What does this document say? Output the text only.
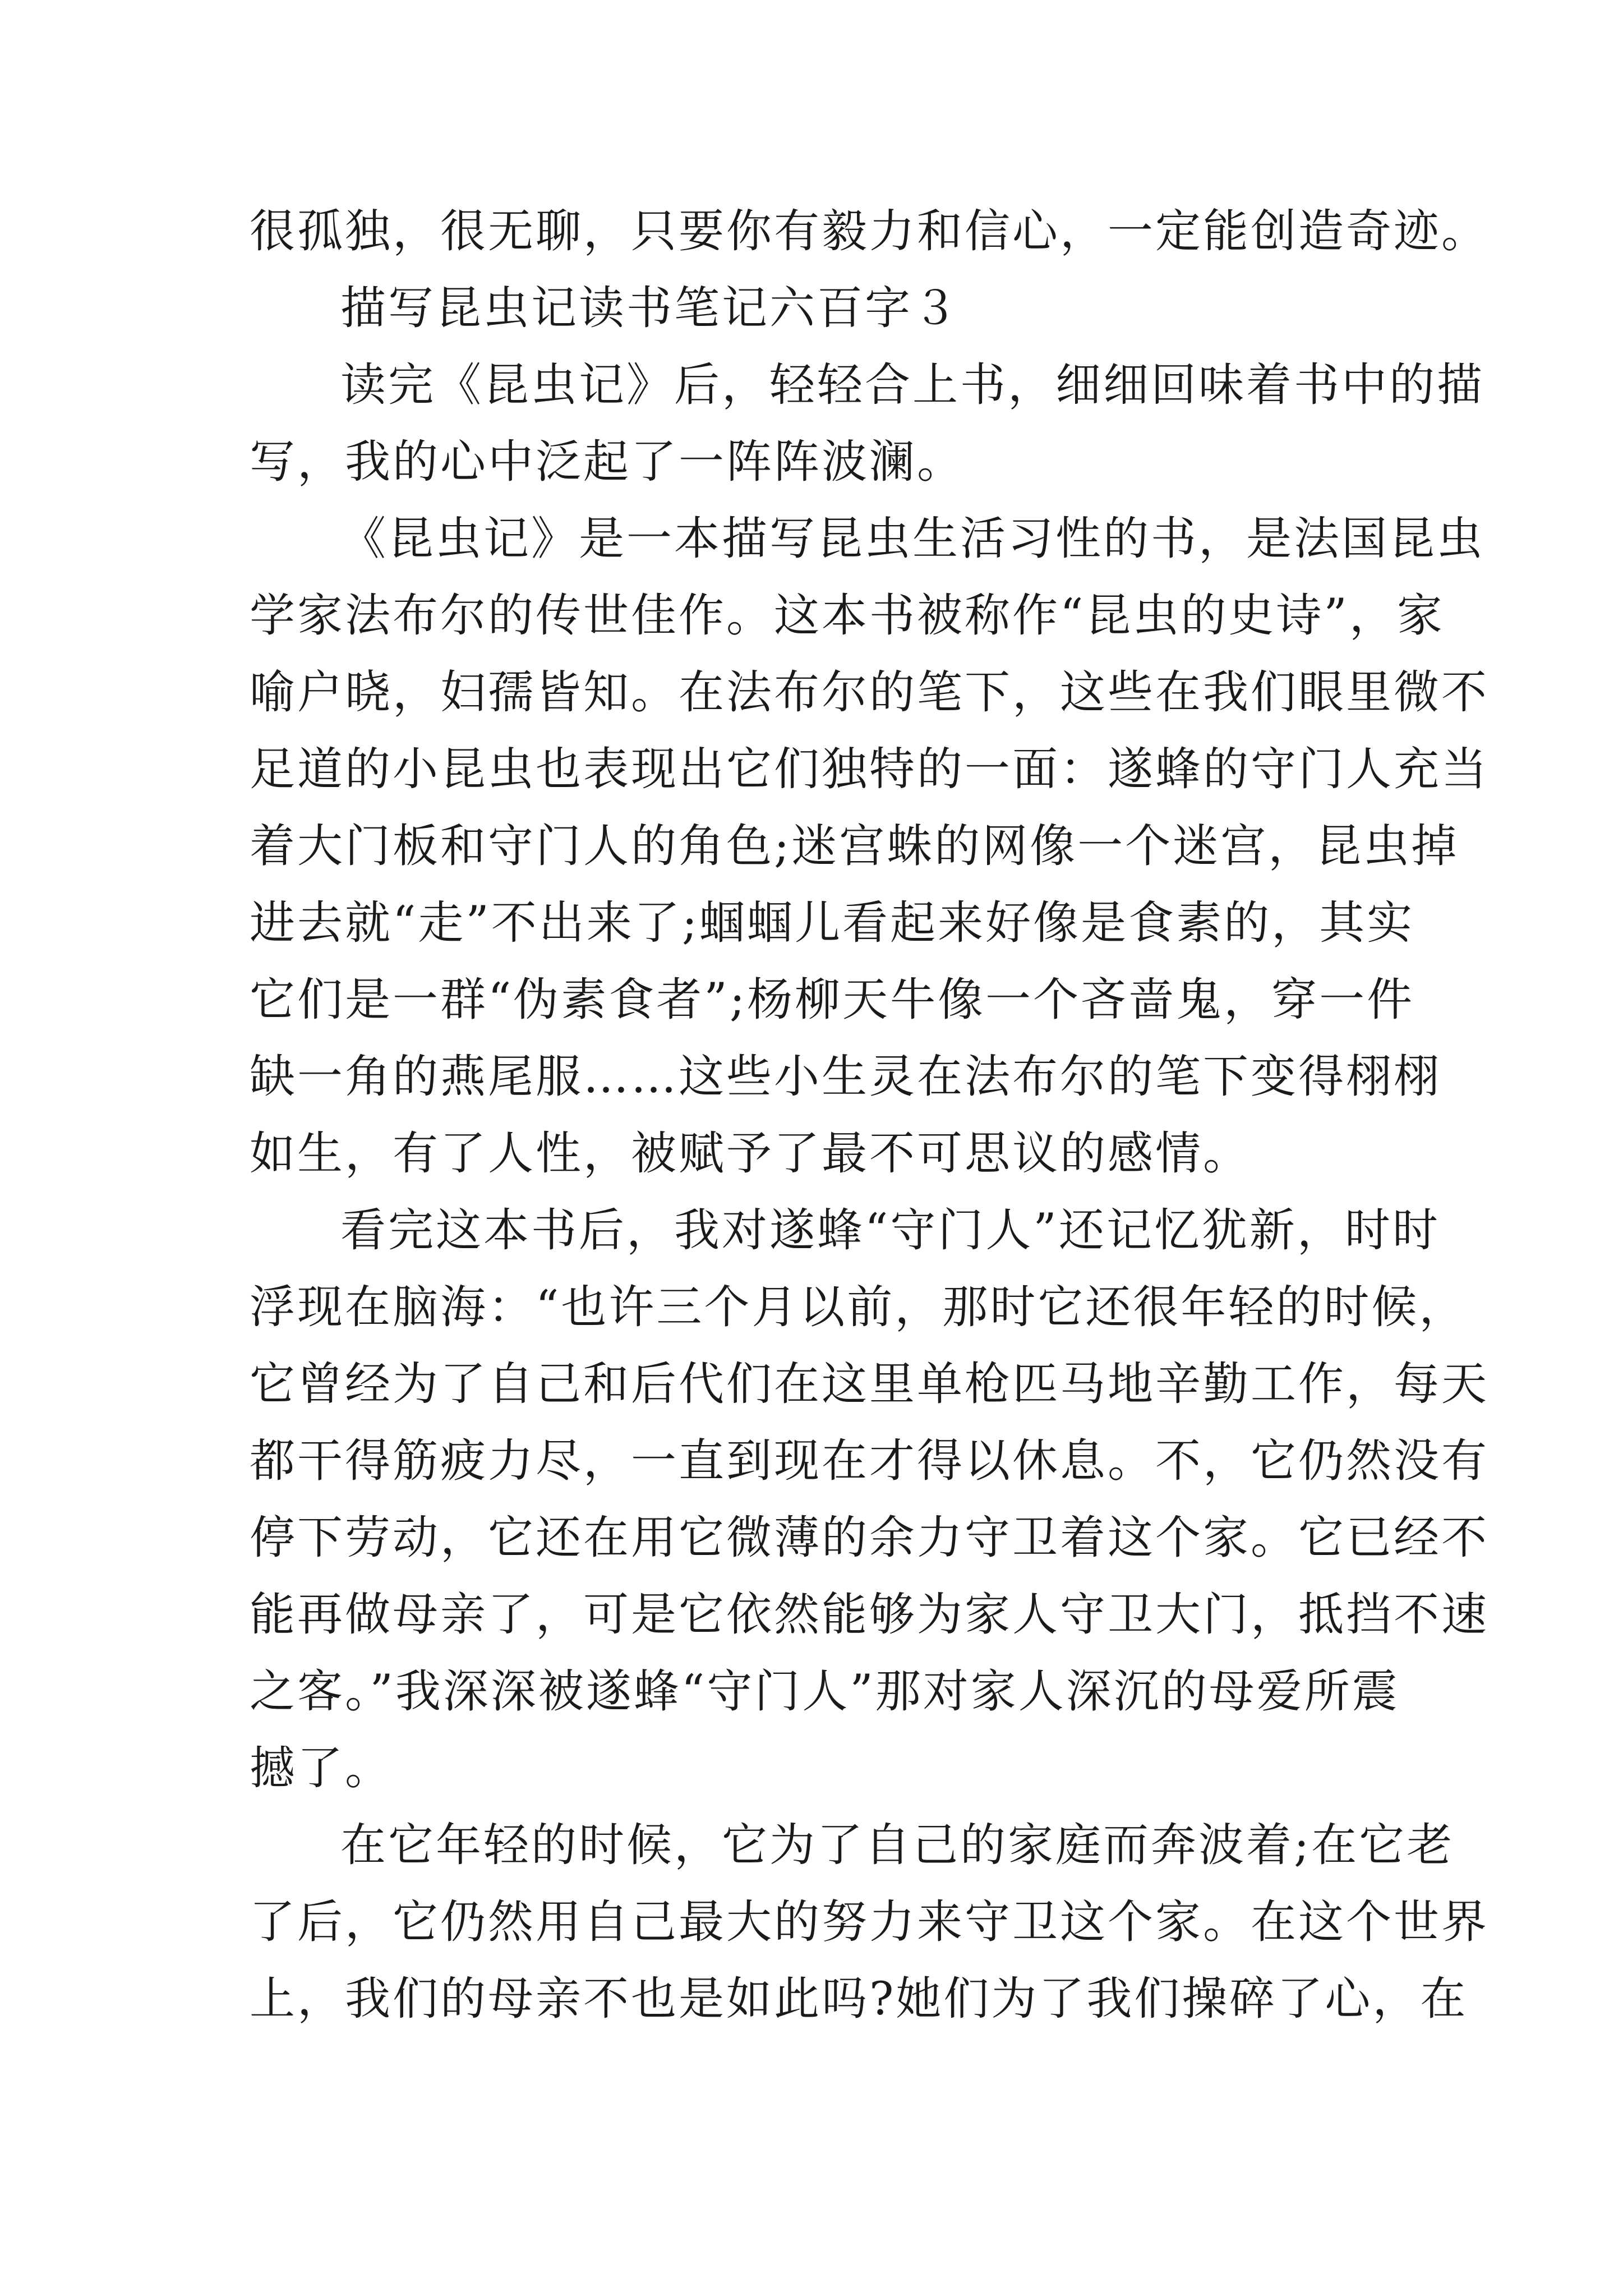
很孤独，很无聊，只要你有毅力和信心，一定能创造奇迹。
描写昆虫记读书笔记六百字３
读完《昆虫记》后，轻轻合上书，细细回味着书中的描
写，我的心中泛起了一阵阵波澜。
《昆虫记》是一本描写昆虫生活习性的书，是法国昆虫
学家法布尔的传世佳作。这本书被称作“昆虫的史诗”，家
喻户晓，妇孺皆知。在法布尔的笔下，这些在我们眼里微不
足道的小昆虫也表现出它们独特的一面：遂蜂的守门人充当
着大门板和守门人的角色;迷宫蛛的网像一个迷宫，昆虫掉
进去就“走”不出来了;蝈蝈儿看起来好像是食素的，其实
它们是一群“伪素食者”;杨柳天牛像一个吝啬鬼，穿一件
缺一角的燕尾服……这些小生灵在法布尔的笔下变得栩栩
如生，有了人性，被赋予了最不可思议的感情。
看完这本书后，我对遂蜂“守门人”还记忆犹新，时时
浮现在脑海：“也许三个月以前，那时它还很年轻的时候，
它曾经为了自己和后代们在这里单枪匹马地辛勤工作，每天
都干得筋疲力尽，一直到现在才得以休息。不，它仍然没有
停下劳动，它还在用它微薄的余力守卫着这个家。它已经不
能再做母亲了，可是它依然能够为家人守卫大门，抵挡不速
之客。”我深深被遂蜂“守门人”那对家人深沉的母爱所震
撼了。
在它年轻的时候，它为了自己的家庭而奔波着;在它老
了后，它仍然用自己最大的努力来守卫这个家。在这个世界
上，我们的母亲不也是如此吗?她们为了我们操碎了心，在
